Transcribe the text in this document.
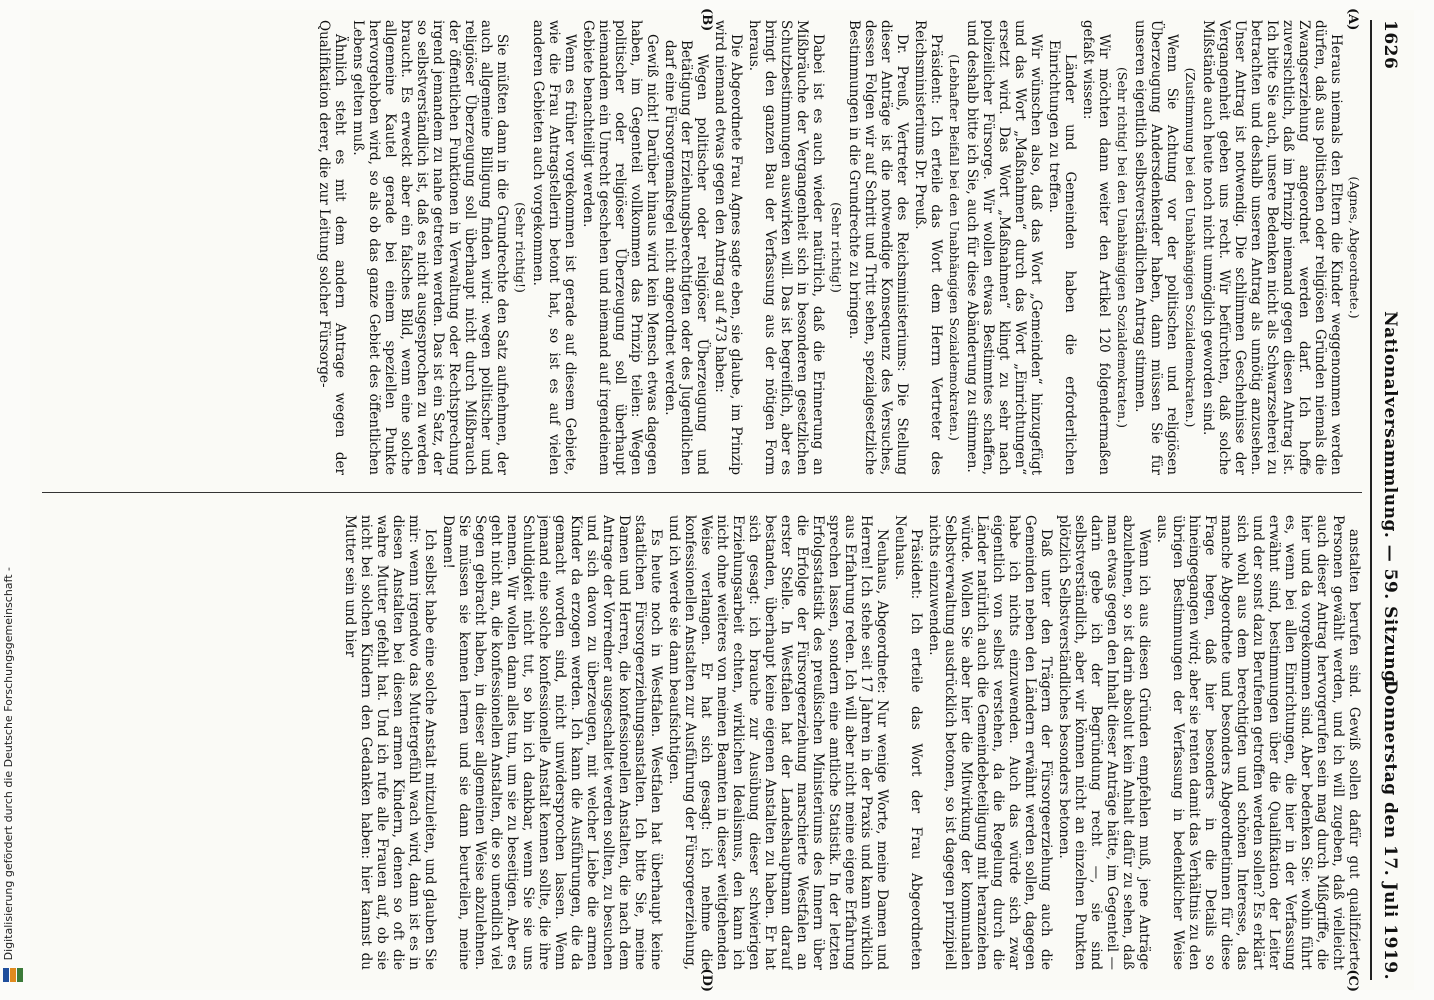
1626
Nationalversammlung. — 59. Sitzung.
Donnerstag den 17. Juli 1919.
(A)
(B)
(C)
(D)

(Agnes, Abgeordnete.)

Heraus niemals den Eltern die Kinder weggenommen werden dürfen, daß aus politischen oder religiösen Gründen niemals die Zwangserziehung angeordnet werden darf. Ich hoffe zuversichtlich, daß im Prinzip niemand gegen diesen Antrag ist. Ich bitte Sie auch, unsere Bedenken nicht als Schwarzseherei zu betrachten und deshalb unseren Antrag als unnötig anzusehen. Unser Antrag ist notwendig. Die schlimmen Geschehnisse der Vergangenheit geben uns recht. Wir befürchten, daß solche Mißstände auch heute noch nicht unmöglich geworden sind.

(Zustimmung bei den Unabhängigen Sozialdemokraten.)

Wenn Sie Achtung vor der politischen und religiösen Überzeugung Andersdenkender haben, dann müssen Sie für unseren eigentlich selbstverständlichen Antrag stimmen.

(Sehr richtig! bei den Unabhängigen Sozialdemokraten.)

Wir möchten dann weiter den Artikel 120 folgendermaßen gefaßt wissen:

Länder und Gemeinden haben die erforderlichen Einrichtungen zu treffen.

Wir wünschen also, daß das Wort „Gemeinden“ hinzugefügt und das Wort „Maßnahmen“ durch das Wort „Einrichtungen“ ersetzt wird. Das Wort „Maßnahmen“ klingt zu sehr nach polizeilicher Fürsorge. Wir wollen etwas Bestimmtes schaffen, und deshalb bitte ich Sie, auch für diese Abänderung zu stimmen.

(Lebhafter Beifall bei den Unabhängigen Sozialdemokraten.)

Präsident: Ich erteile das Wort dem Herrn Vertreter des Reichsministeriums Dr. Preuß.

Dr. Preuß, Vertreter des Reichsministeriums: Die Stellung dieser Anträge ist die notwendige Konsequenz des Versuches, dessen Folgen wir auf Schritt und Tritt sehen, spezialgesetzliche Bestimmungen in die Grundrechte zu bringen.

(Sehr richtig!)

Dabei ist es auch wieder natürlich, daß die Erinnerung an Mißbräuche der Vergangenheit sich in besonderen gesetzlichen Schutzbestimmungen auswirken will. Das ist begreiflich, aber es bringt den ganzen Bau der Verfassung aus der nötigen Form heraus.

Die Abgeordnete Frau Agnes sagte eben, sie glaube, im Prinzip wird niemand etwas gegen den Antrag auf 473 haben:

Wegen politischer oder religiöser Überzeugung und Betätigung der Erziehungsberechtigten oder des Jugendlichen darf eine Fürsorgemaßregel nicht angeordnet werden.

Gewiß nicht! Darüber hinaus wird kein Mensch etwas dagegen haben, im Gegenteil vollkommen das Prinzip teilen: Wegen politischer oder religiöser Überzeugung soll überhaupt niemandem ein Unrecht geschehen und niemand auf irgendeinem Gebiete benachteiligt werden.

Wenn es früher vorgekommen ist gerade auf diesem Gebiete, wie die Frau Antragstellerin betont hat, so ist es auf vielen anderen Gebieten auch vorgekommen.

(Sehr richtig!)

Sie müßten dann in die Grundrechte den Satz aufnehmen, der auch allgemeine Billigung finden wird: wegen politischer und religiöser Überzeugung soll überhaupt nicht durch Mißbrauch der öffentlichen Funktionen in Verwaltung oder Rechtsprechung irgend jemandem zu nahe getreten werden. Das ist ein Satz, der so selbstverständlich ist, daß es nicht ausgesprochen zu werden braucht. Es erweckt aber ein falsches Bild, wenn eine solche allgemeine Kautel gerade bei einem speziellen Punkte hervorgehoben wird, so als ob das ganze Gebiet des öffentlichen Lebens gelten muß.

Ähnlich steht es mit dem andern Antrage wegen der Qualifikation derer, die zur Leitung solcher Fürsorge-

anstalten berufen sind. Gewiß sollen dafür gut qualifizierte Personen gewählt werden, und ich will zugeben, daß vielleicht auch dieser Antrag hervorgerufen sein mag durch Mißgriffe, die hier und da vorgekommen sind. Aber bedenken Sie: wohin führt es, wenn bei allen Einrichtungen, die hier in der Verfassung erwähnt sind, bestimmungen über die Qualifikation der Leiter und der sonst dazu Berufenen getroffen werden sollen? Es erklärt sich wohl aus dem berechtigten und schönen Interesse, das manche Abgeordnete und besonders Abgeordnetinnen für diese Frage hegen, daß hier besonders in die Details so hineingegangen wird; aber sie renten damit das Verhältnis zu den übrigen Bestimmungen der Verfassung in bedenklicher Weise aus.

Wenn ich aus diesen Gründen empfehlen muß, jene Anträge abzulehnen, so ist darin absolut kein Anhalt dafür zu sehen, daß man etwas gegen den Inhalt dieser Anträge hätte, im Gegenteil — darin gebe ich der Begründung recht —, sie sind selbstverständlich, aber wir können nicht an einzelnen Punkten plötzlich Selbstverständliches besonders betonen.

Daß unter den Trägern der Fürsorgeerziehung auch die Gemeinden neben den Ländern erwähnt werden sollen, dagegen habe ich nichts einzuwenden. Auch das würde sich zwar eigentlich von selbst verstehen, da die Regelung durch die Länder natürlich auch die Gemeindebeteiligung mit heranziehen würde. Wollen Sie aber hier die Mitwirkung der kommunalen Selbstverwaltung ausdrücklich betonen, so ist dagegen prinzipiell nichts einzuwenden.

Präsident: Ich erteile das Wort der Frau Abgeordneten Neuhaus.

Neuhaus, Abgeordnete: Nur wenige Worte, meine Damen und Herren! Ich stehe seit 17 Jahren in der Praxis und kann wirklich aus Erfahrung reden. Ich will aber nicht meine eigene Erfahrung sprechen lassen, sondern eine amtliche Statistik. In der letzten Erfolgsstatistik des preußischen Ministeriums des Innern über die Erfolge der Fürsorgeerziehung marschierte Westfalen an erster Stelle. In Westfalen hat der Landeshauptmann darauf bestanden, überhaupt keine eigenen Anstalten zu haben. Er hat sich gesagt: ich brauche zur Ausübung dieser schwierigen Erziehungsarbeit echten, wirklichen Idealismus, den kann ich nicht ohne weiteres von meinen Beamten in dieser weitgehenden Weise verlangen. Er hat sich gesagt: ich nehme die konfessionellen Anstalten zur Ausführung der Fürsorgeerziehung, und ich werde sie dann beaufsichtigen.

Es heute noch in Westfalen. Westfalen hat überhaupt keine staatlichen Fürsorgeerziehungsanstalten. Ich bitte Sie, meine Damen und Herren, die konfessionellen Anstalten, die nach dem Antrage der Vorredner ausgeschaltet werden sollten, zu besuchen und sich davon zu überzeugen, mit welcher Liebe die armen Kinder da erzogen werden. Ich kann die Ausführungen, die da gemacht worden sind, nicht unwidersprochen lassen. Wenn jemand eine solche konfessionelle Anstalt kennen sollte, die ihre Schuldigkeit nicht tut, so bin ich dankbar, wenn Sie sie uns nennen. Wir wollen dann alles tun, um sie zu beseitigen. Aber es geht nicht an, die konfessionellen Anstalten, die so unendlich viel Segen gebracht haben, in dieser allgemeinen Weise abzulehnen. Sie müssen sie kennen lernen und sie dann beurteilen, meine Damen!

Ich selbst habe eine solche Anstalt mitzuleiten, und glauben Sie mir: wenn irgendwo das Muttergefühl wach wird, dann ist es in diesen Anstalten bei diesen armen Kindern, denen so oft die wahre Mutter gefehlt hat. Und ich rufe alle Frauen auf, ob sie nicht bei solchen Kindern den Gedanken haben: hier kannst du Mutter sein und hier

Digitalisierung gefördert durch die Deutsche Forschungsgemeinschaft -
